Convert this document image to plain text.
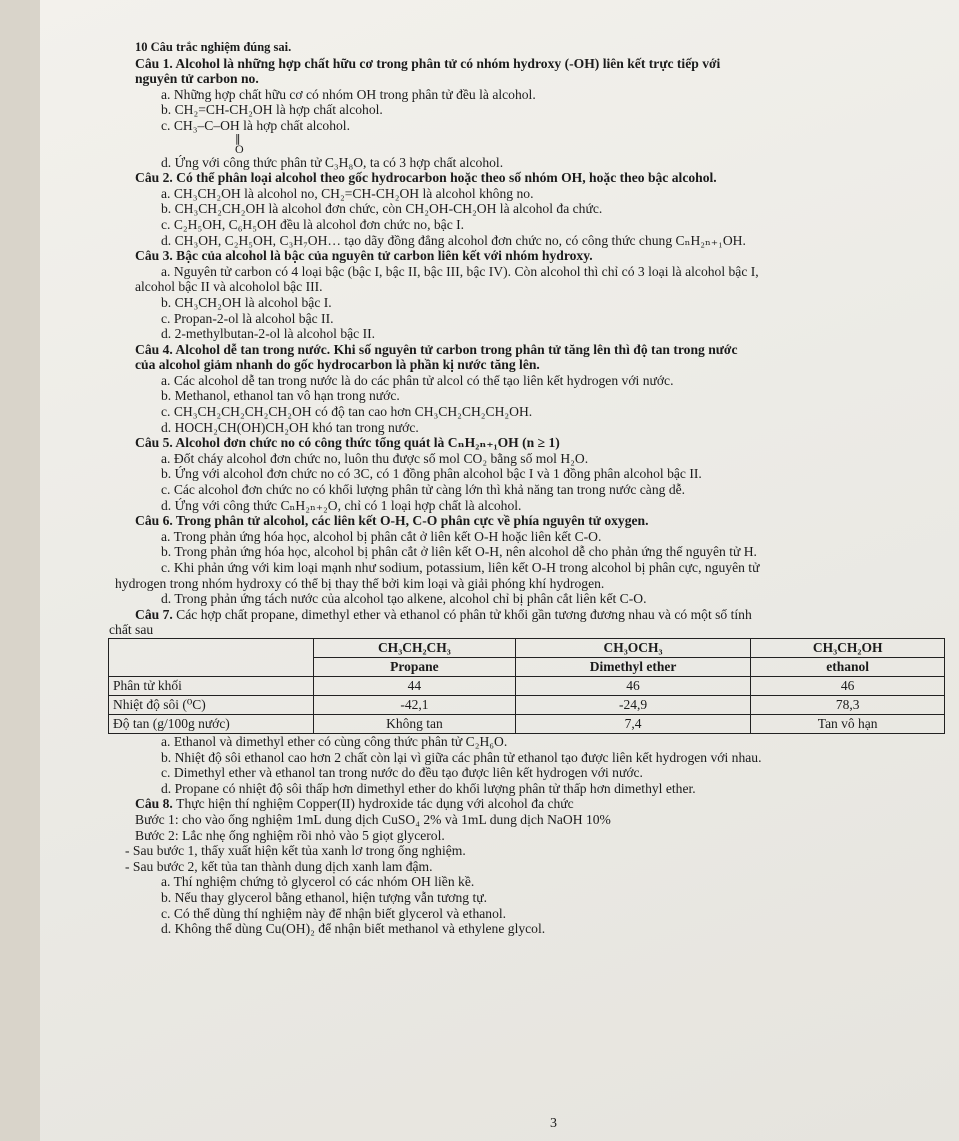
10 Câu trắc nghiệm đúng sai.
Câu 1. Alcohol là những hợp chất hữu cơ trong phân tử có nhóm hydroxy (-OH) liên kết trực tiếp với
nguyên tử carbon no.
a. Những hợp chất hữu cơ có nhóm OH trong phân tử đều là alcohol.
b. CH₂=CH-CH₂OH là hợp chất alcohol.
c. CH₃–C–OH là hợp chất alcohol.
‖
O
d. Ứng với công thức phân tử C₃H₈O, ta có 3 hợp chất alcohol.
Câu 2. Có thể phân loại alcohol theo gốc hydrocarbon hoặc theo số nhóm OH, hoặc theo bậc alcohol.
a. CH₃CH₂OH là alcohol no, CH₂=CH-CH₂OH là alcohol không no.
b. CH₃CH₂CH₂OH là alcohol đơn chức, còn CH₂OH-CH₂OH là alcohol đa chức.
c. C₂H₅OH, C₆H₅OH đều là alcohol đơn chức no, bậc I.
d. CH₃OH, C₂H₅OH, C₃H₇OH… tạo dãy đồng đẳng alcohol đơn chức no, có công thức chung CₙH₂ₙ₊₁OH.
Câu 3. Bậc của alcohol là bậc của nguyên tử carbon liên kết với nhóm hydroxy.
a. Nguyên tử carbon có 4 loại bậc (bậc I, bậc II, bậc III, bậc IV). Còn alcohol thì chỉ có 3 loại là alcohol bậc I,
alcohol bậc II và alcoholol bậc III.
b. CH₃CH₂OH là alcohol bậc I.
c. Propan-2-ol là alcohol bậc II.
d. 2-methylbutan-2-ol là alcohol bậc II.
Câu 4. Alcohol dễ tan trong nước. Khi số nguyên tử carbon trong phân tử tăng lên thì độ tan trong nước
của alcohol giảm nhanh do gốc hydrocarbon là phần kị nước tăng lên.
a. Các alcohol dễ tan trong nước là do các phân tử alcol có thể tạo liên kết hydrogen với nước.
b. Methanol, ethanol tan vô hạn trong nước.
c. CH₃CH₂CH₂CH₂CH₂OH có độ tan cao hơn CH₃CH₂CH₂CH₂OH.
d. HOCH₂CH(OH)CH₂OH khó tan trong nước.
Câu 5. Alcohol đơn chức no có công thức tổng quát là CₙH₂ₙ₊₁OH (n ≥ 1)
a. Đốt cháy alcohol đơn chức no, luôn thu được số mol CO₂ bằng số mol H₂O.
b. Ứng với alcohol đơn chức no có 3C, có 1 đồng phân alcohol bậc I và 1 đồng phân alcohol bậc II.
c. Các alcohol đơn chức no có khối lượng phân tử càng lớn thì khả năng tan trong nước càng dễ.
d. Ứng với công thức CₙH₂ₙ₊₂O, chỉ có 1 loại hợp chất là alcohol.
Câu 6. Trong phân tử alcohol, các liên kết O-H, C-O phân cực về phía nguyên tử oxygen.
a. Trong phản ứng hóa học, alcohol bị phân cắt ở liên kết O-H hoặc liên kết C-O.
b. Trong phản ứng hóa học, alcohol bị phân cắt ở liên kết O-H, nên alcohol dễ cho phản ứng thế nguyên tử H.
c. Khi phản ứng với kim loại mạnh như sodium, potassium, liên kết O-H trong alcohol bị phân cực, nguyên tử
hydrogen trong nhóm hydroxy có thể bị thay thế bởi kim loại và giải phóng khí hydrogen.
d. Trong phản ứng tách nước của alcohol tạo alkene, alcohol chỉ bị phân cắt liên kết C-O.
Câu 7. Các hợp chất propane, dimethyl ether và ethanol có phân tử khối gần tương đương nhau và có một số tính
chất sau
	CH₃CH₂CH₃	CH₃OCH₃	CH₃CH₂OH
	Propane	Dimethyl ether	ethanol
Phân tử khối	44	46	46
Nhiệt độ sôi (⁰C)	-42,1	-24,9	78,3
Độ tan (g/100g nước)	Không tan	7,4	Tan vô hạn
a. Ethanol và dimethyl ether có cùng công thức phân tử C₂H₆O.
b. Nhiệt độ sôi ethanol cao hơn 2 chất còn lại vì giữa các phân tử ethanol tạo được liên kết hydrogen với nhau.
c. Dimethyl ether và ethanol tan trong nước do đều tạo được liên kết hydrogen với nước.
d. Propane có nhiệt độ sôi thấp hơn dimethyl ether do khối lượng phân tử thấp hơn dimethyl ether.
Câu 8. Thực hiện thí nghiệm Copper(II) hydroxide tác dụng với alcohol đa chức
Bước 1: cho vào ống nghiệm 1mL dung dịch CuSO₄ 2% và 1mL dung dịch NaOH 10%
Bước 2: Lắc nhẹ ống nghiệm rồi nhỏ vào 5 giọt glycerol.
- Sau bước 1, thấy xuất hiện kết tủa xanh lơ trong ống nghiệm.
- Sau bước 2, kết tủa tan thành dung dịch xanh lam đậm.
a. Thí nghiệm chứng tỏ glycerol có các nhóm OH liền kề.
b. Nếu thay glycerol bằng ethanol, hiện tượng vẫn tương tự.
c. Có thể dùng thí nghiệm này để nhận biết glycerol và ethanol.
d. Không thể dùng Cu(OH)₂ để nhận biết methanol và ethylene glycol.
3
